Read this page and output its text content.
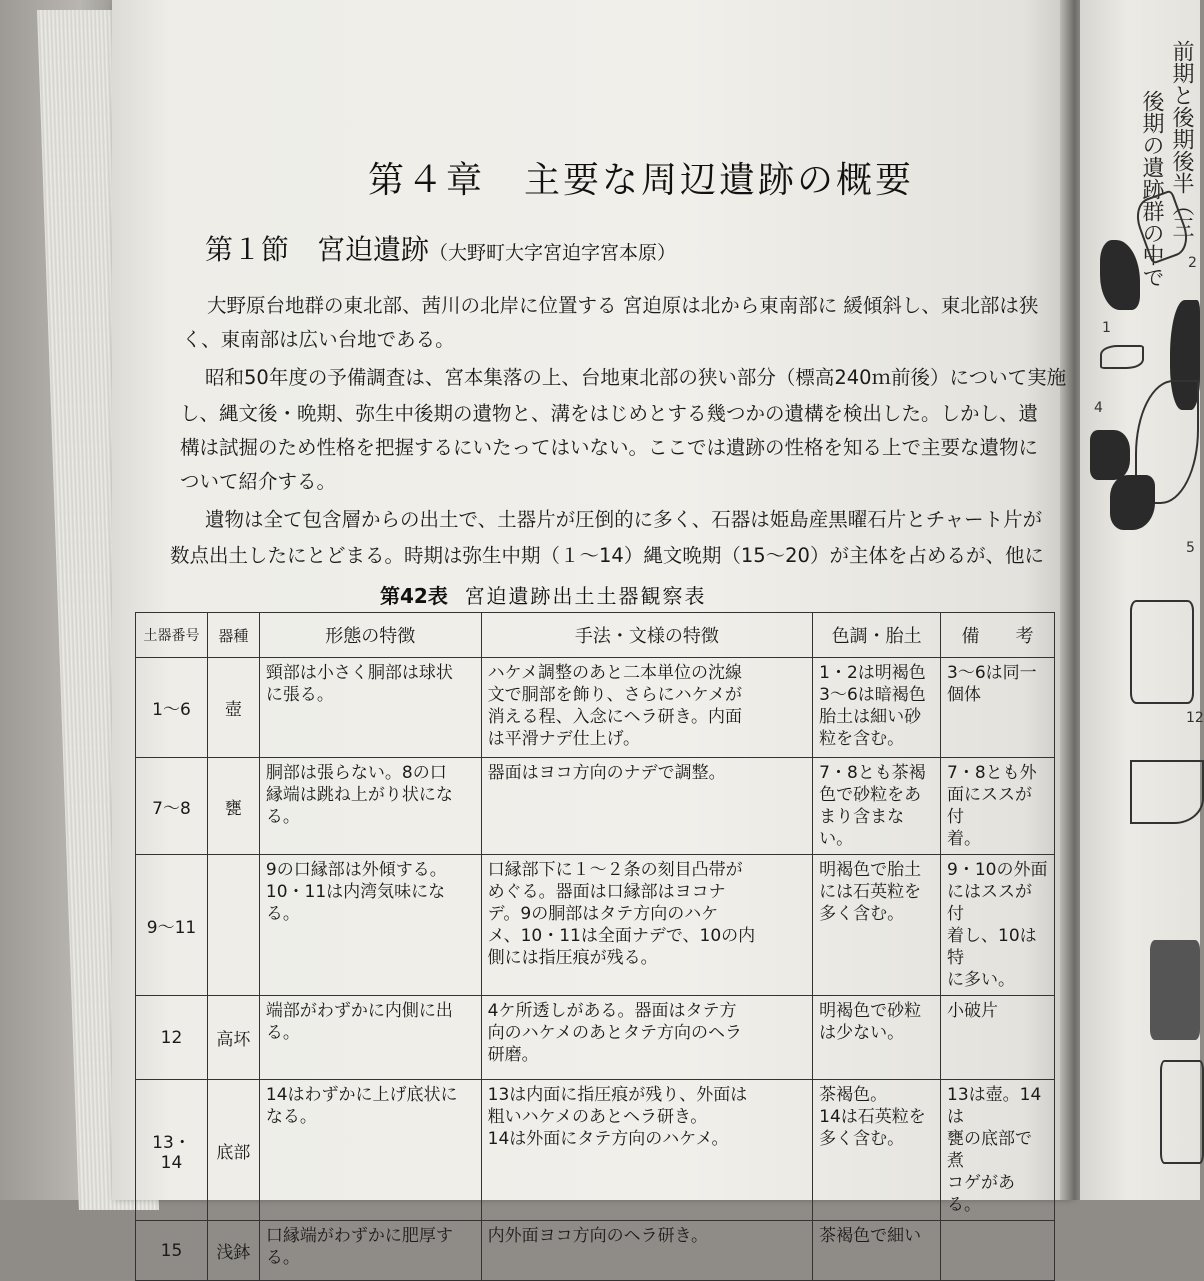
前期と後期後半（三
後期の遺跡群の中で 2
1
4
5
12
第４章　主要な周辺遺跡の概要
第１節　宮迫遺跡（大野町大字宮迫字宮本原）
大野原台地群の東北部、茜川の北岸に位置する 宮迫原は北から東南部に 緩傾斜し、東北部は狭
く、東南部は広い台地である。
昭和50年度の予備調査は、宮本集落の上、台地東北部の狭い部分（標高240ｍ前後）について実施
し、縄文後・晩期、弥生中後期の遺物と、溝をはじめとする幾つかの遺構を検出した。しかし、遺
構は試掘のため性格を把握するにいたってはいない。ここでは遺跡の性格を知る上で主要な遺物に
ついて紹介する。
遺物は全て包含層からの出土で、土器片が圧倒的に多く、石器は姫島産黒曜石片とチャート片が
数点出土したにとどまる。時期は弥生中期（１～14）縄文晩期（15～20）が主体を占めるが、他に
第42表 宮迫遺跡出土土器観察表
土器番号	器種	形態の特徴	手法・文様の特徴	色調・胎土	備　　考
1～6	壺	頸部は小さく胴部は球状
に張る。	ハケメ調整のあと二本単位の沈線
文で胴部を飾り、さらにハケメが
消える程、入念にヘラ研き。内面
は平滑ナデ仕上げ。	1・2は明褐色
3～6は暗褐色
胎土は細い砂
粒を含む。	3～6は同一
個体
7～8	甕	胴部は張らない。8の口
縁端は跳ね上がり状にな
る。	器面はヨコ方向のナデで調整。	7・8とも茶褐
色で砂粒をあ
まり含まない。	7・8とも外
面にススが付
着。
9～11		9の口縁部は外傾する。
10・11は内湾気味にな
る。	口縁部下に１～２条の刻目凸帯が
めぐる。器面は口縁部はヨコナ
デ。9の胴部はタテ方向のハケ
メ、10・11は全面ナデで、10の内
側には指圧痕が残る。	明褐色で胎土
には石英粒を
多く含む。	9・10の外面
にはススが付
着し、10は特
に多い。
12	高坏	端部がわずかに内側に出
る。	4ケ所透しがある。器面はタテ方
向のハケメのあとタテ方向のヘラ
研磨。	明褐色で砂粒
は少ない。	小破片
13・14	底部	14はわずかに上げ底状に
なる。	13は内面に指圧痕が残り、外面は
粗いハケメのあとヘラ研き。
14は外面にタテ方向のハケメ。	茶褐色。
14は石英粒を
多く含む。	13は壺。14は
甕の底部で煮
コゲがある。
15	浅鉢	口縁端がわずかに肥厚す
る。	内外面ヨコ方向のヘラ研き。	茶褐色で細い	
